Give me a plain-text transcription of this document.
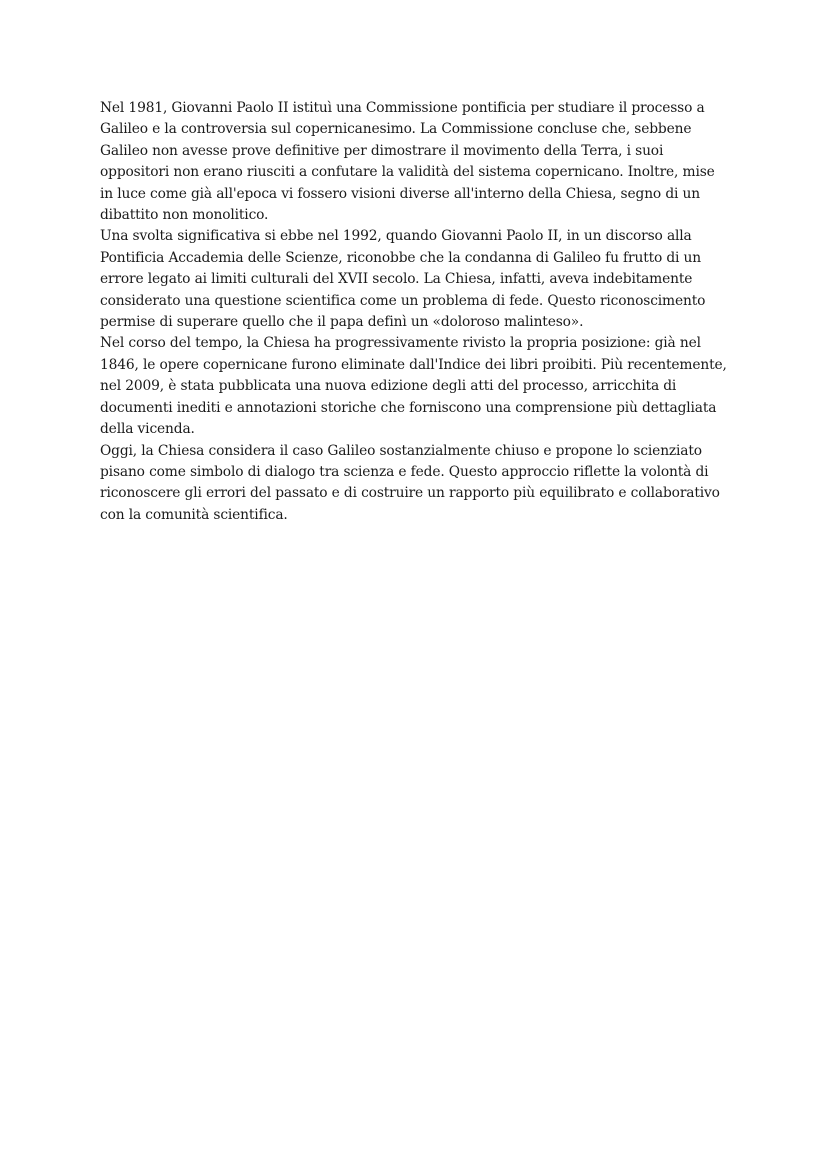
Nel 1981, Giovanni Paolo II istituì una Commissione pontificia per studiare il processo a Galileo e la controversia sul copernicanesimo. La Commissione concluse che, sebbene Galileo non avesse prove definitive per dimostrare il movimento della Terra, i suoi oppositori non erano riusciti a confutare la validità del sistema copernicano. Inoltre, mise in luce come già all'epoca vi fossero visioni diverse all'interno della Chiesa, segno di un dibattito non monolitico.

Una svolta significativa si ebbe nel 1992, quando Giovanni Paolo II, in un discorso alla Pontificia Accademia delle Scienze, riconobbe che la condanna di Galileo fu frutto di un errore legato ai limiti culturali del XVII secolo. La Chiesa, infatti, aveva indebitamente considerato una questione scientifica come un problema di fede. Questo riconoscimento permise di superare quello che il papa definì un «doloroso malinteso».

Nel corso del tempo, la Chiesa ha progressivamente rivisto la propria posizione: già nel 1846, le opere copernicane furono eliminate dall'Indice dei libri proibiti. Più recentemente, nel 2009, è stata pubblicata una nuova edizione degli atti del processo, arricchita di documenti inediti e annotazioni storiche che forniscono una comprensione più dettagliata della vicenda.

Oggi, la Chiesa considera il caso Galileo sostanzialmente chiuso e propone lo scienziato pisano come simbolo di dialogo tra scienza e fede. Questo approccio riflette la volontà di riconoscere gli errori del passato e di costruire un rapporto più equilibrato e collaborativo con la comunità scientifica.
